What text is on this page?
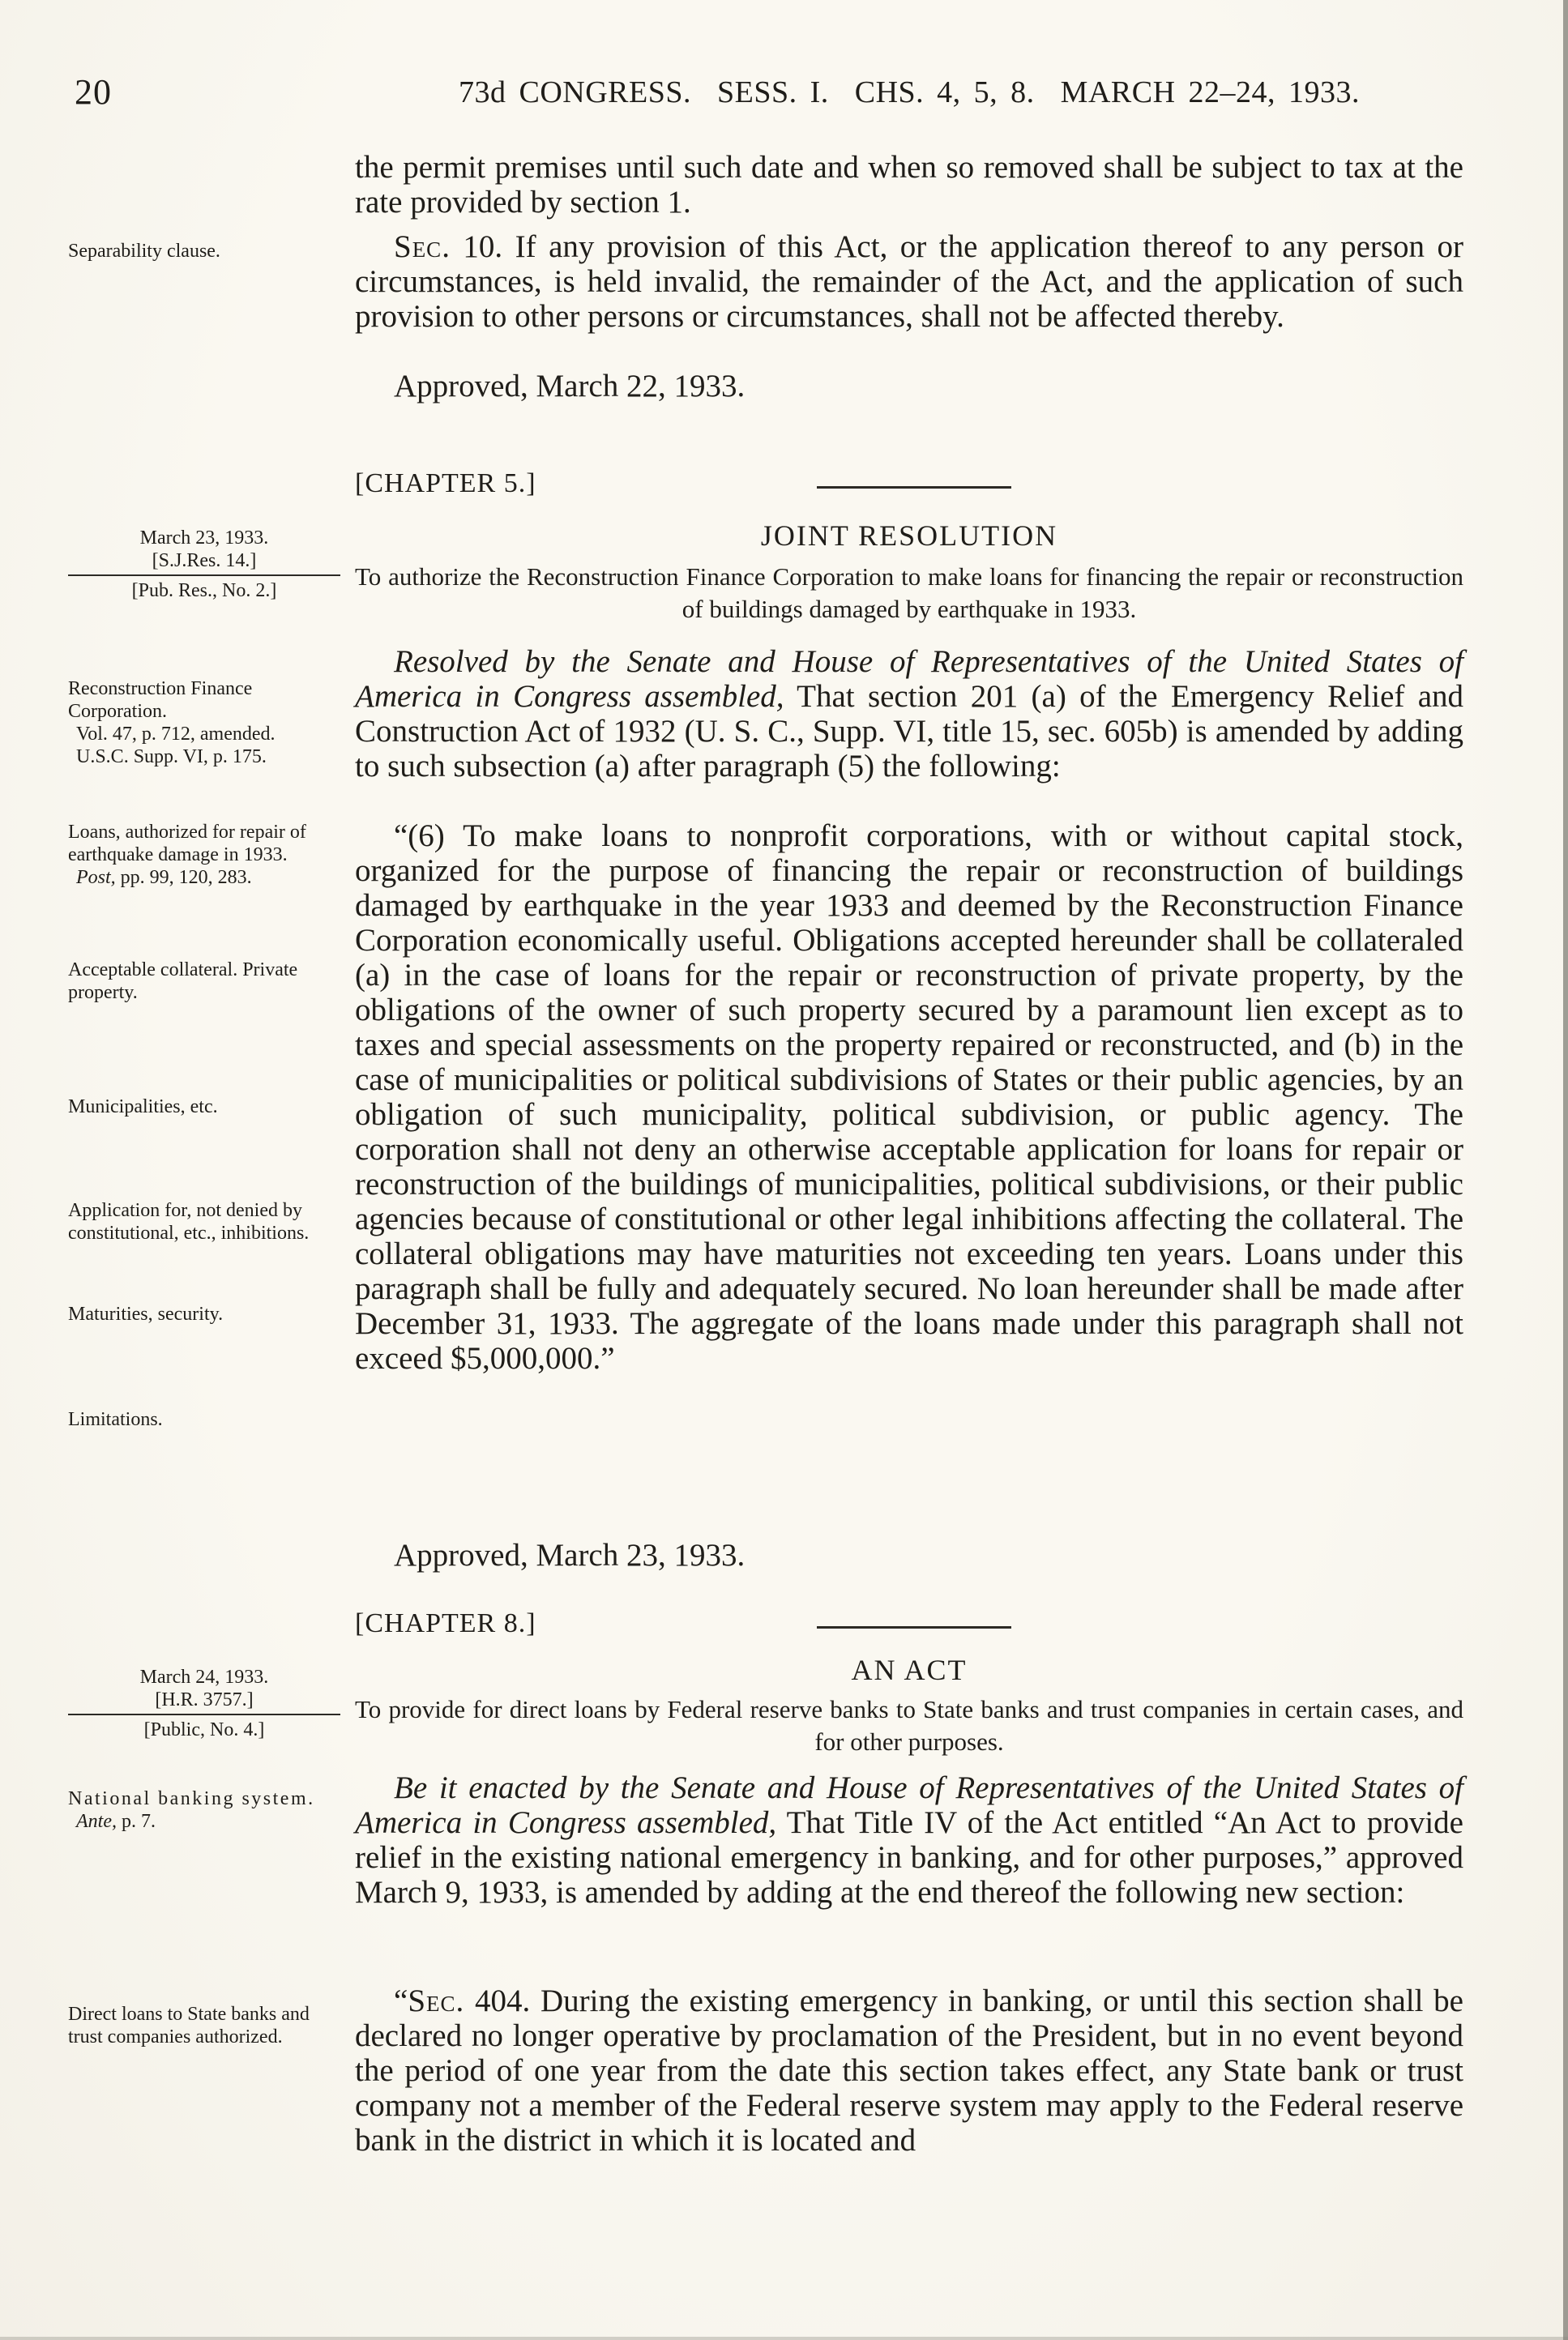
20	73d CONGRESS.  SESS. I.  CHS. 4, 5, 8.  MARCH 22–24, 1933.
Separability clause.
March 23, 1933.
[S.J.Res. 14.]
[Pub. Res., No. 2.]
Reconstruction Finance Corporation.
Vol. 47, p. 712, amended.
U.S.C. Supp. VI, p. 175.
Loans, authorized for repair of earthquake damage in 1933.
Post, pp. 99, 120, 283.
Acceptable collateral. Private property.
Municipalities, etc.
Application for, not denied by constitutional, etc., inhibitions.
Maturities, security.
Limitations.
March 24, 1933.
[H.R. 3757.]
[Public, No. 4.]
National banking system.
Ante, p. 7.
Direct loans to State banks and trust companies authorized.

the permit premises until such date and when so removed shall be subject to tax at the rate provided by section 1.

Sec. 10. If any provision of this Act, or the application thereof to any person or circumstances, is held invalid, the remainder of the Act, and the application of such provision to other persons or circumstances, shall not be affected thereby.

Approved, March 22, 1933.

[CHAPTER 5.]
JOINT RESOLUTION

To authorize the Reconstruction Finance Corporation to make loans for financing the repair or reconstruction of buildings damaged by earthquake in 1933.

Resolved by the Senate and House of Representatives of the United States of America in Congress assembled, That section 201 (a) of the Emergency Relief and Construction Act of 1932 (U. S. C., Supp. VI, title 15, sec. 605b) is amended by adding to such subsection (a) after paragraph (5) the following:

“(6) To make loans to nonprofit corporations, with or without capital stock, organized for the purpose of financing the repair or reconstruction of buildings damaged by earthquake in the year 1933 and deemed by the Reconstruction Finance Corporation economically useful. Obligations accepted hereunder shall be collateraled (a) in the case of loans for the repair or reconstruction of private property, by the obligations of the owner of such property secured by a paramount lien except as to taxes and special assessments on the property repaired or reconstructed, and (b) in the case of municipalities or political subdivisions of States or their public agencies, by an obligation of such municipality, political subdivision, or public agency. The corporation shall not deny an otherwise acceptable application for loans for repair or reconstruction of the buildings of municipalities, political subdivisions, or their public agencies because of constitutional or other legal inhibitions affecting the collateral. The collateral obligations may have maturities not exceeding ten years. Loans under this paragraph shall be fully and adequately secured. No loan hereunder shall be made after December 31, 1933. The aggregate of the loans made under this paragraph shall not exceed $5,000,000.”

Approved, March 23, 1933.

[CHAPTER 8.]
AN ACT

To provide for direct loans by Federal reserve banks to State banks and trust companies in certain cases, and for other purposes.

Be it enacted by the Senate and House of Representatives of the United States of America in Congress assembled, That Title IV of the Act entitled “An Act to provide relief in the existing national emergency in banking, and for other purposes,” approved March 9, 1933, is amended by adding at the end thereof the following new section:

“Sec. 404. During the existing emergency in banking, or until this section shall be declared no longer operative by proclamation of the President, but in no event beyond the period of one year from the date this section takes effect, any State bank or trust company not a member of the Federal reserve system may apply to the Federal reserve bank in the district in which it is located and
